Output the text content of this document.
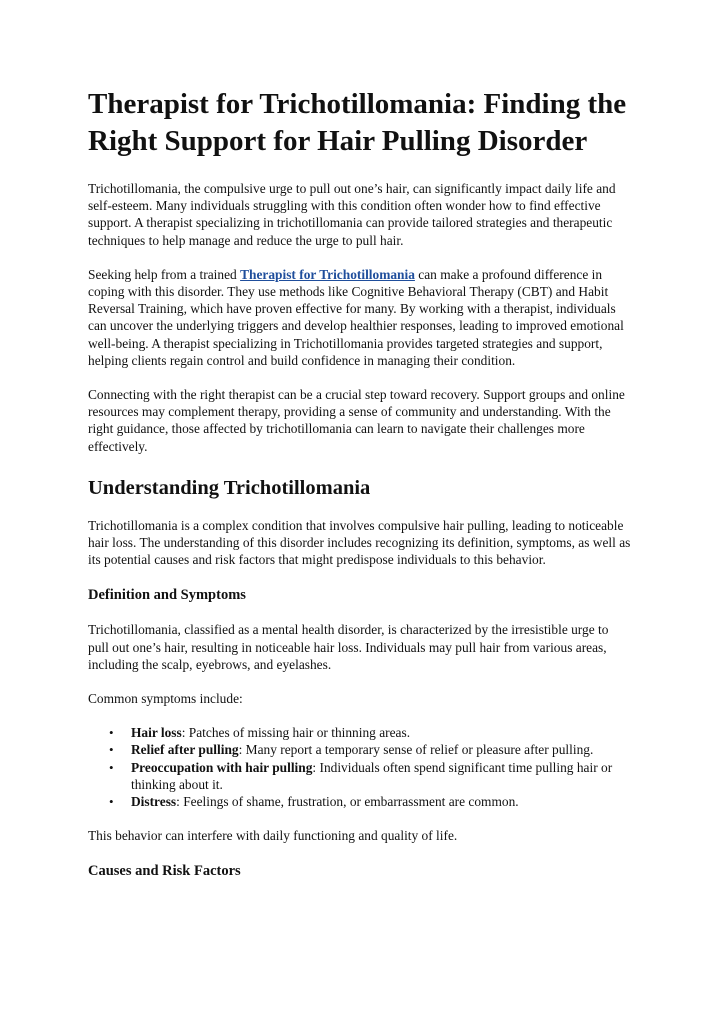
Therapist for Trichotillomania: Finding the Right Support for Hair Pulling Disorder

Trichotillomania, the compulsive urge to pull out one’s hair, can significantly impact daily life and self-esteem. Many individuals struggling with this condition often wonder how to find effective support. A therapist specializing in trichotillomania can provide tailored strategies and therapeutic techniques to help manage and reduce the urge to pull hair.

Seeking help from a trained Therapist for Trichotillomania can make a profound difference in coping with this disorder. They use methods like Cognitive Behavioral Therapy (CBT) and Habit Reversal Training, which have proven effective for many. By working with a therapist, individuals can uncover the underlying triggers and develop healthier responses, leading to improved emotional well-being. A therapist specializing in Trichotillomania provides targeted strategies and support, helping clients regain control and build confidence in managing their condition.

Connecting with the right therapist can be a crucial step toward recovery. Support groups and online resources may complement therapy, providing a sense of community and understanding. With the right guidance, those affected by trichotillomania can learn to navigate their challenges more effectively.

Understanding Trichotillomania

Trichotillomania is a complex condition that involves compulsive hair pulling, leading to noticeable hair loss. The understanding of this disorder includes recognizing its definition, symptoms, as well as its potential causes and risk factors that might predispose individuals to this behavior.

Definition and Symptoms

Trichotillomania, classified as a mental health disorder, is characterized by the irresistible urge to pull out one’s hair, resulting in noticeable hair loss. Individuals may pull hair from various areas, including the scalp, eyebrows, and eyelashes.

Common symptoms include:

• Hair loss: Patches of missing hair or thinning areas.
• Relief after pulling: Many report a temporary sense of relief or pleasure after pulling.
• Preoccupation with hair pulling: Individuals often spend significant time pulling hair or thinking about it.
• Distress: Feelings of shame, frustration, or embarrassment are common.

This behavior can interfere with daily functioning and quality of life.

Causes and Risk Factors
